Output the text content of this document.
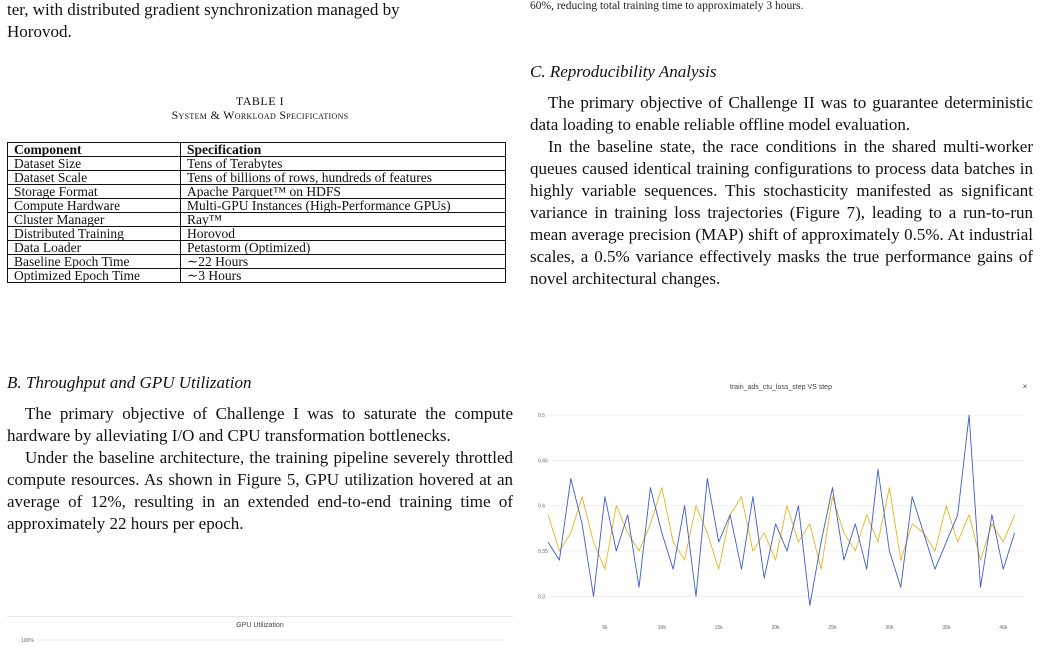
ter, with distributed gradient synchronization managed by

Horovod.

TABLE I
System & Workload Specifications
Component	Specification
Dataset Size	Tens of Terabytes
Dataset Scale	Tens of billions of rows, hundreds of features
Storage Format	Apache Parquet™ on HDFS
Compute Hardware	Multi-GPU Instances (High-Performance GPUs)
Cluster Manager	Ray™
Distributed Training	Horovod
Data Loader	Petastorm (Optimized)
Baseline Epoch Time	∼22 Hours
Optimized Epoch Time	∼3 Hours

B. Throughput and GPU Utilization

The primary objective of Challenge I was to saturate the compute hardware by alleviating I/O and CPU transformation bottlenecks.

Under the baseline architecture, the training pipeline severely throttled compute resources. As shown in Figure 5, GPU utilization hovered at an average of 12%, resulting in an extended end-to-end training time of approximately 22 hours per epoch.

GPU Utilization
100%

60%, reducing total training time to approximately 3 hours.

C. Reproducibility Analysis

The primary objective of Challenge II was to guarantee deterministic data loading to enable reliable offline model evaluation.

In the baseline state, the race conditions in the shared multi-worker queues caused identical training configurations to process data batches in highly variable sequences. This stochasticity manifested as significant variance in training loss trajectories (Figure 7), leading to a run-to-run mean average precision (MAP) shift of approximately 0.5%. At industrial scales, a 0.5% variance effectively masks the true performance gains of novel architectural changes.

train_ads_ctu_loss_step VS step	×
0.3
0.35
0.4
0.45
0.5
5k	10k	15k	20k	25k	30k	35k	40k
